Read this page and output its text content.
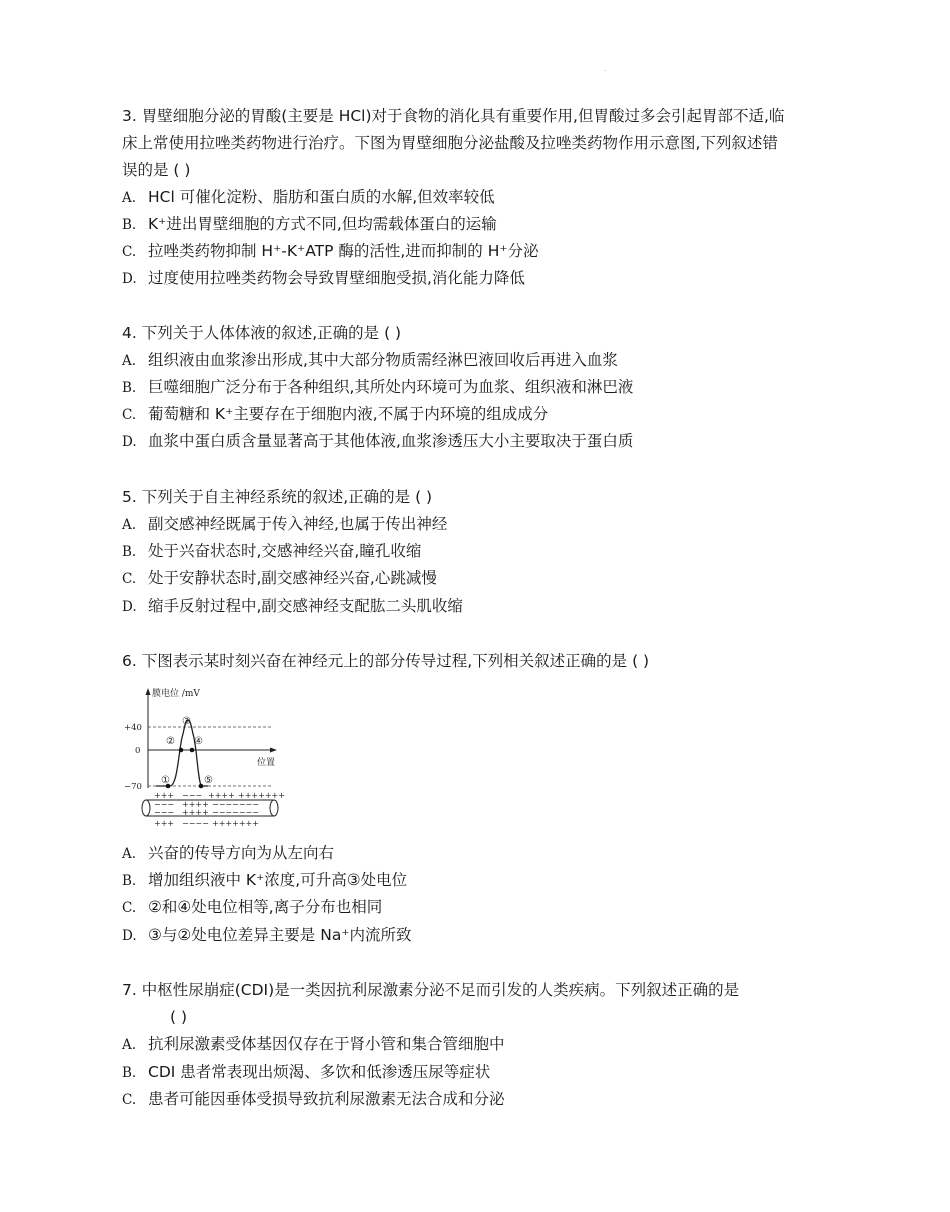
.
3. 胃壁细胞分泌的胃酸(主要是 HCl)对于食物的消化具有重要作用,但胃酸过多会引起胃部不适,临
床上常使用拉唑类药物进行治疗。下图为胃壁细胞分泌盐酸及拉唑类药物作用示意图,下列叙述错
误的是 ( )
A. HCl 可催化淀粉、脂肪和蛋白质的水解,但效率较低
B. K⁺进出胃壁细胞的方式不同,但均需载体蛋白的运输
C. 拉唑类药物抑制 H⁺-K⁺ATP 酶的活性,进而抑制的 H⁺分泌
D. 过度使用拉唑类药物会导致胃壁细胞受损,消化能力降低
4. 下列关于人体体液的叙述,正确的是 ( )
A. 组织液由血浆渗出形成,其中大部分物质需经淋巴液回收后再进入血浆
B. 巨噬细胞广泛分布于各种组织,其所处内环境可为血浆、组织液和淋巴液
C. 葡萄糖和 K⁺主要存在于细胞内液,不属于内环境的组成成分
D. 血浆中蛋白质含量显著高于其他体液,血浆渗透压大小主要取决于蛋白质
5. 下列关于自主神经系统的叙述,正确的是 ( )
A. 副交感神经既属于传入神经,也属于传出神经
B. 处于兴奋状态时,交感神经兴奋,瞳孔收缩
C. 处于安静状态时,副交感神经兴奋,心跳减慢
D. 缩手反射过程中,副交感神经支配肱二头肌收缩
6. 下图表示某时刻兴奋在神经元上的部分传导过程,下列相关叙述正确的是 ( )
膜电位 /mV
位置
+40
0
−70
①
②
③
④
⑤
+++ −−− ++++ +++++++
−−− ++++ −−−−−−−
−−− ++++ −−−−−−−
+++ −−−− +++++++
A. 兴奋的传导方向为从左向右
B. 增加组织液中 K⁺浓度,可升高③处电位
C. ②和④处电位相等,离子分布也相同
D. ③与②处电位差异主要是 Na⁺内流所致
7. 中枢性尿崩症(CDI)是一类因抗利尿激素分泌不足而引发的人类疾病。下列叙述正确的是
( )
A. 抗利尿激素受体基因仅存在于肾小管和集合管细胞中
B. CDI 患者常表现出烦渴、多饮和低渗透压尿等症状
C. 患者可能因垂体受损导致抗利尿激素无法合成和分泌
